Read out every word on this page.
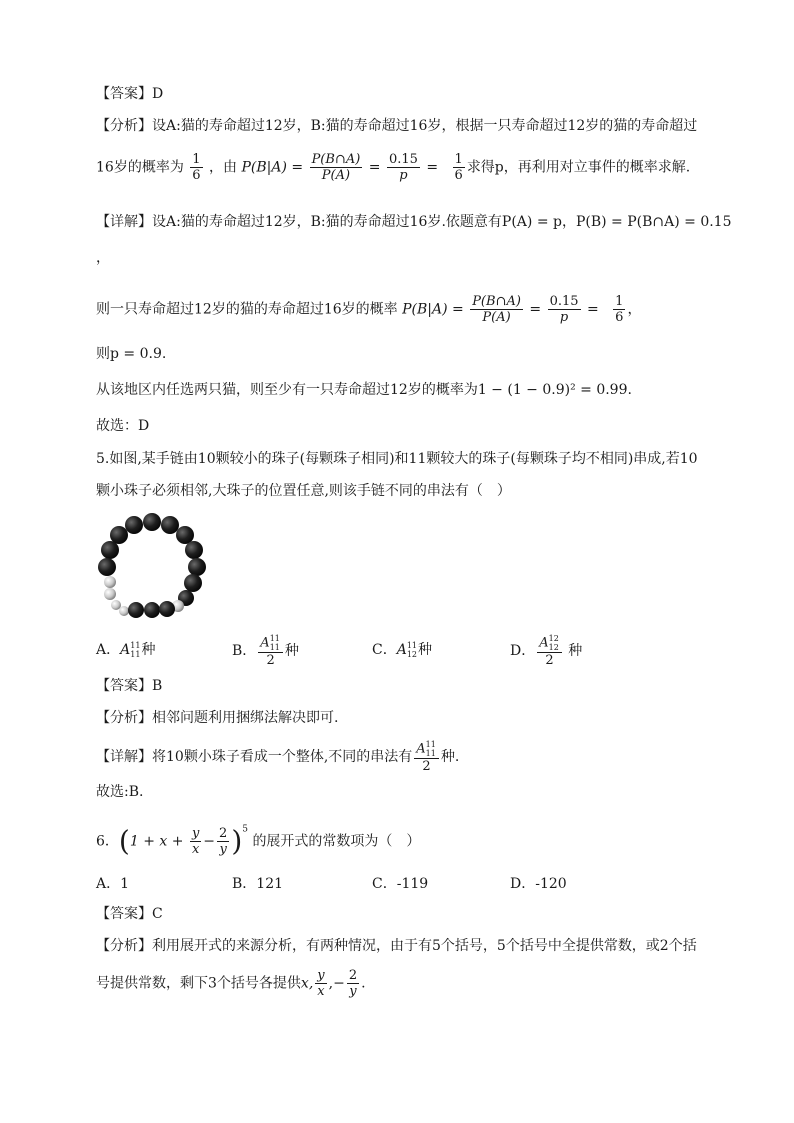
【答案】D
【分析】设A:猫的寿命超过12岁，B:猫的寿命超过16岁，根据一只寿命超过12岁的猫的寿命超过
16岁的概率为 $\frac{1}{6}$ ，由 $P(B|A) = \frac{P(B\cap A)}{P(A)} = \frac{0.15}{p} = \frac{1}{6}$ 求得p，再利用对立事件的概率求解.
【详解】设A:猫的寿命超过12岁，B:猫的寿命超过16岁.依题意有P(A) = p，P(B) = P(B∩A) = 0.15
，
则一只寿命超过12岁的猫的寿命超过16岁的概率 $P(B|A) = \frac{P(B\cap A)}{P(A)} = \frac{0.15}{p} = \frac{1}{6}$ ，
则p = 0.9.
从该地区内任选两只猫，则至少有一只寿命超过12岁的概率为1 − (1 − 0.9)² = 0.99.
故选：D
5.如图,某手链由10颗较小的珠子(每颗珠子相同)和11颗较大的珠子(每颗珠子均不相同)串成,若10
颗小珠子必须相邻,大珠子的位置任意,则该手链不同的串法有（　）
A．A 11
11 种	B． A 11
11
2 种	C．A 11
12 种	D． A 12
12
2 种
【答案】B
【分析】相邻问题利用捆绑法解决即可.
【详解】将10颗小珠子看成一个整体,不同的串法有 A 11
11
2 种.
故选:B.
6．$(1 + x + \frac{y}{x} - \frac{2}{y} )^5$ 的展开式的常数项为（　）
A．1	B．121	C．-119	D．-120
【答案】C
【分析】利用展开式的来源分析，有两种情况，由于有5个括号，5个括号中全提供常数，或2个括
号提供常数，剩下3个括号各提供x, $\frac{y}{x}$ ,− $\frac{2}{y}$ .
